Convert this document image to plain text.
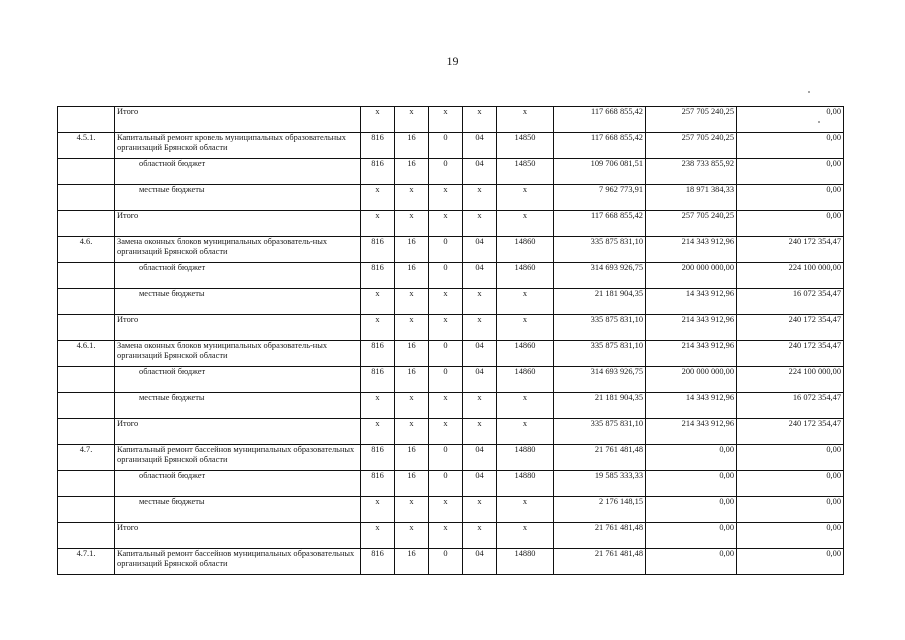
19
	Итого	x	x	x	x	x	117 668 855,42	257 705 240,25	0,00
4.5.1.	Капитальный ремонт кровель муниципальных образовательных организаций Брянской области	816	16	0	04	14850	117 668 855,42	257 705 240,25	0,00
	областной бюджет	816	16	0	04	14850	109 706 081,51	238 733 855,92	0,00
	местные бюджеты	x	x	x	x	x	7 962 773,91	18 971 384,33	0,00
	Итого	x	x	x	x	x	117 668 855,42	257 705 240,25	0,00
4.6.	Замена оконных блоков муниципальных образователь-ных организаций Брянской области	816	16	0	04	14860	335 875 831,10	214 343 912,96	240 172 354,47
	областной бюджет	816	16	0	04	14860	314 693 926,75	200 000 000,00	224 100 000,00
	местные бюджеты	x	x	x	x	x	21 181 904,35	14 343 912,96	16 072 354,47
	Итого	x	x	x	x	x	335 875 831,10	214 343 912,96	240 172 354,47
4.6.1.	Замена оконных блоков муниципальных образователь-ных организаций Брянской области	816	16	0	04	14860	335 875 831,10	214 343 912,96	240 172 354,47
	областной бюджет	816	16	0	04	14860	314 693 926,75	200 000 000,00	224 100 000,00
	местные бюджеты	x	x	x	x	x	21 181 904,35	14 343 912,96	16 072 354,47
	Итого	x	x	x	x	x	335 875 831,10	214 343 912,96	240 172 354,47
4.7.	Капитальный ремонт бассейнов муниципальных образовательных организаций Брянской области	816	16	0	04	14880	21 761 481,48	0,00	0,00
	областной бюджет	816	16	0	04	14880	19 585 333,33	0,00	0,00
	местные бюджеты	x	x	x	x	x	2 176 148,15	0,00	0,00
	Итого	x	x	x	x	x	21 761 481,48	0,00	0,00
4.7.1.	Капитальный ремонт бассейнов муниципальных образовательных организаций Брянской области	816	16	0	04	14880	21 761 481,48	0,00	0,00
